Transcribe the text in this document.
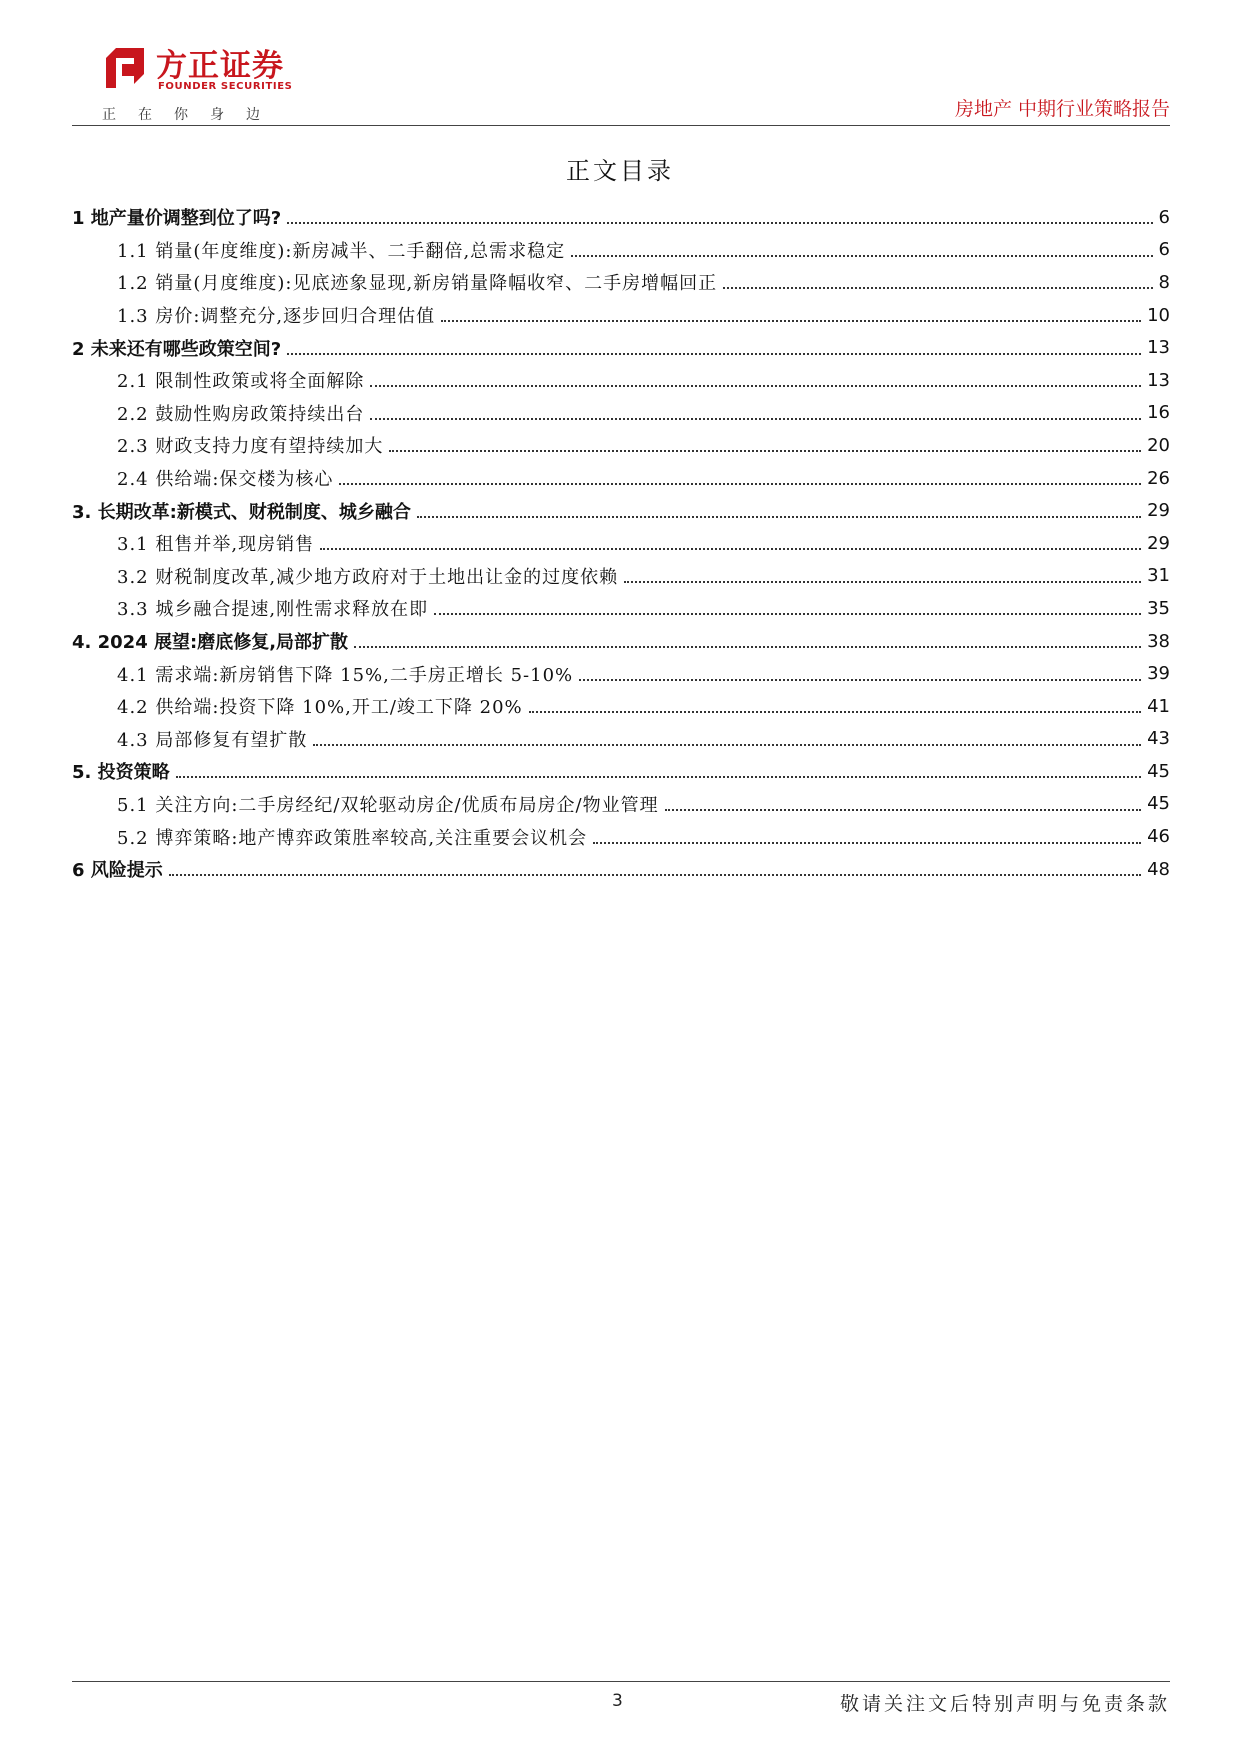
方正证券
FOUNDER SECURITIES
正在你身边	房地产 中期行业策略报告
正文目录
1 地产量价调整到位了吗?	6
1.1 销量(年度维度):新房减半、二手翻倍,总需求稳定	6
1.2 销量(月度维度):见底迹象显现,新房销量降幅收窄、二手房增幅回正	8
1.3 房价:调整充分,逐步回归合理估值	10
2 未来还有哪些政策空间?	13
2.1 限制性政策或将全面解除	13
2.2 鼓励性购房政策持续出台	16
2.3 财政支持力度有望持续加大	20
2.4 供给端:保交楼为核心	26
3. 长期改革:新模式、财税制度、城乡融合	29
3.1 租售并举,现房销售	29
3.2 财税制度改革,减少地方政府对于土地出让金的过度依赖	31
3.3 城乡融合提速,刚性需求释放在即	35
4. 2024 展望:磨底修复,局部扩散	38
4.1 需求端:新房销售下降 15%,二手房正增长 5-10%	39
4.2 供给端:投资下降 10%,开工/竣工下降 20%	41
4.3 局部修复有望扩散	43
5. 投资策略	45
5.1 关注方向:二手房经纪/双轮驱动房企/优质布局房企/物业管理	45
5.2 博弈策略:地产博弈政策胜率较高,关注重要会议机会	46
6 风险提示	48
3	敬请关注文后特别声明与免责条款
